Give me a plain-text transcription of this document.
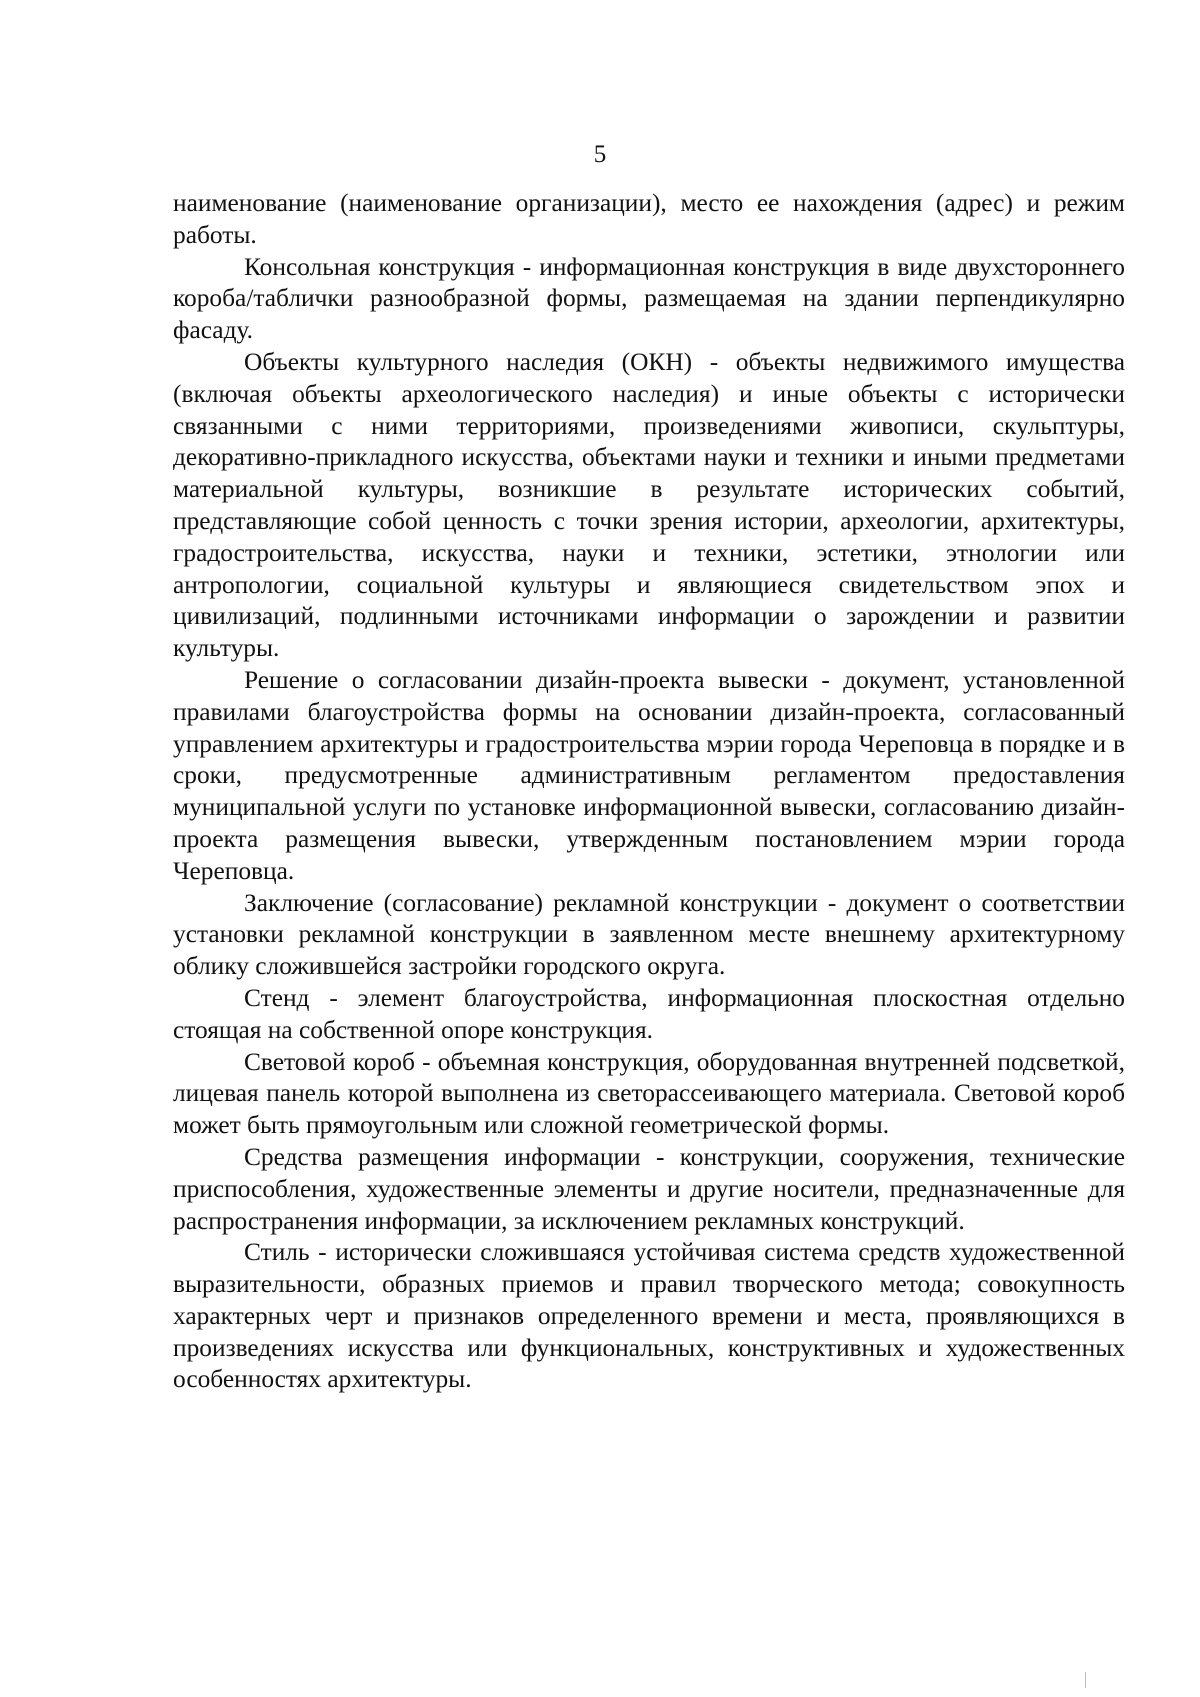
5

наименование (наименование организации), место ее нахождения (адрес) и режим работы.

Консольная конструкция - информационная конструкция в виде двухстороннего короба/таблички разнообразной формы, размещаемая на здании перпендикулярно фасаду.

Объекты культурного наследия (ОКН) - объекты недвижимого имущества (включая объекты археологического наследия) и иные объекты с исторически связанными с ними территориями, произведениями живописи, скульптуры, декоративно-прикладного искусства, объектами науки и техники и иными предметами материальной культуры, возникшие в результате исторических событий, представляющие собой ценность с точки зрения истории, археологии, архитектуры, градостроительства, искусства, науки и техники, эстетики, этнологии или антропологии, социальной культуры и являющиеся свидетельством эпох и цивилизаций, подлинными источниками информации о зарождении и развитии культуры.

Решение о согласовании дизайн-проекта вывески - документ, установленной правилами благоустройства формы на основании дизайн-проекта, согласованный управлением архитектуры и градостроительства мэрии города Череповца в порядке и в сроки, предусмотренные административным регламентом предоставления муниципальной услуги по установке информационной вывески, согласованию дизайн-проекта размещения вывески, утвержденным постановлением мэрии города Череповца.

Заключение (согласование) рекламной конструкции - документ о соответствии установки рекламной конструкции в заявленном месте внешнему архитектурному облику сложившейся застройки городского округа.

Стенд - элемент благоустройства, информационная плоскостная отдельно стоящая на собственной опоре конструкция.

Световой короб - объемная конструкция, оборудованная внутренней подсветкой, лицевая панель которой выполнена из светорассеивающего материала. Световой короб может быть прямоугольным или сложной геометрической формы.

Средства размещения информации - конструкции, сооружения, технические приспособления, художественные элементы и другие носители, предназначенные для распространения информации, за исключением рекламных конструкций.

Стиль - исторически сложившаяся устойчивая система средств художественной выразительности, образных приемов и правил творческого метода; совокупность характерных черт и признаков определенного времени и места, проявляющихся в произведениях искусства или функциональных, конструктивных и художественных особенностях архитектуры.
